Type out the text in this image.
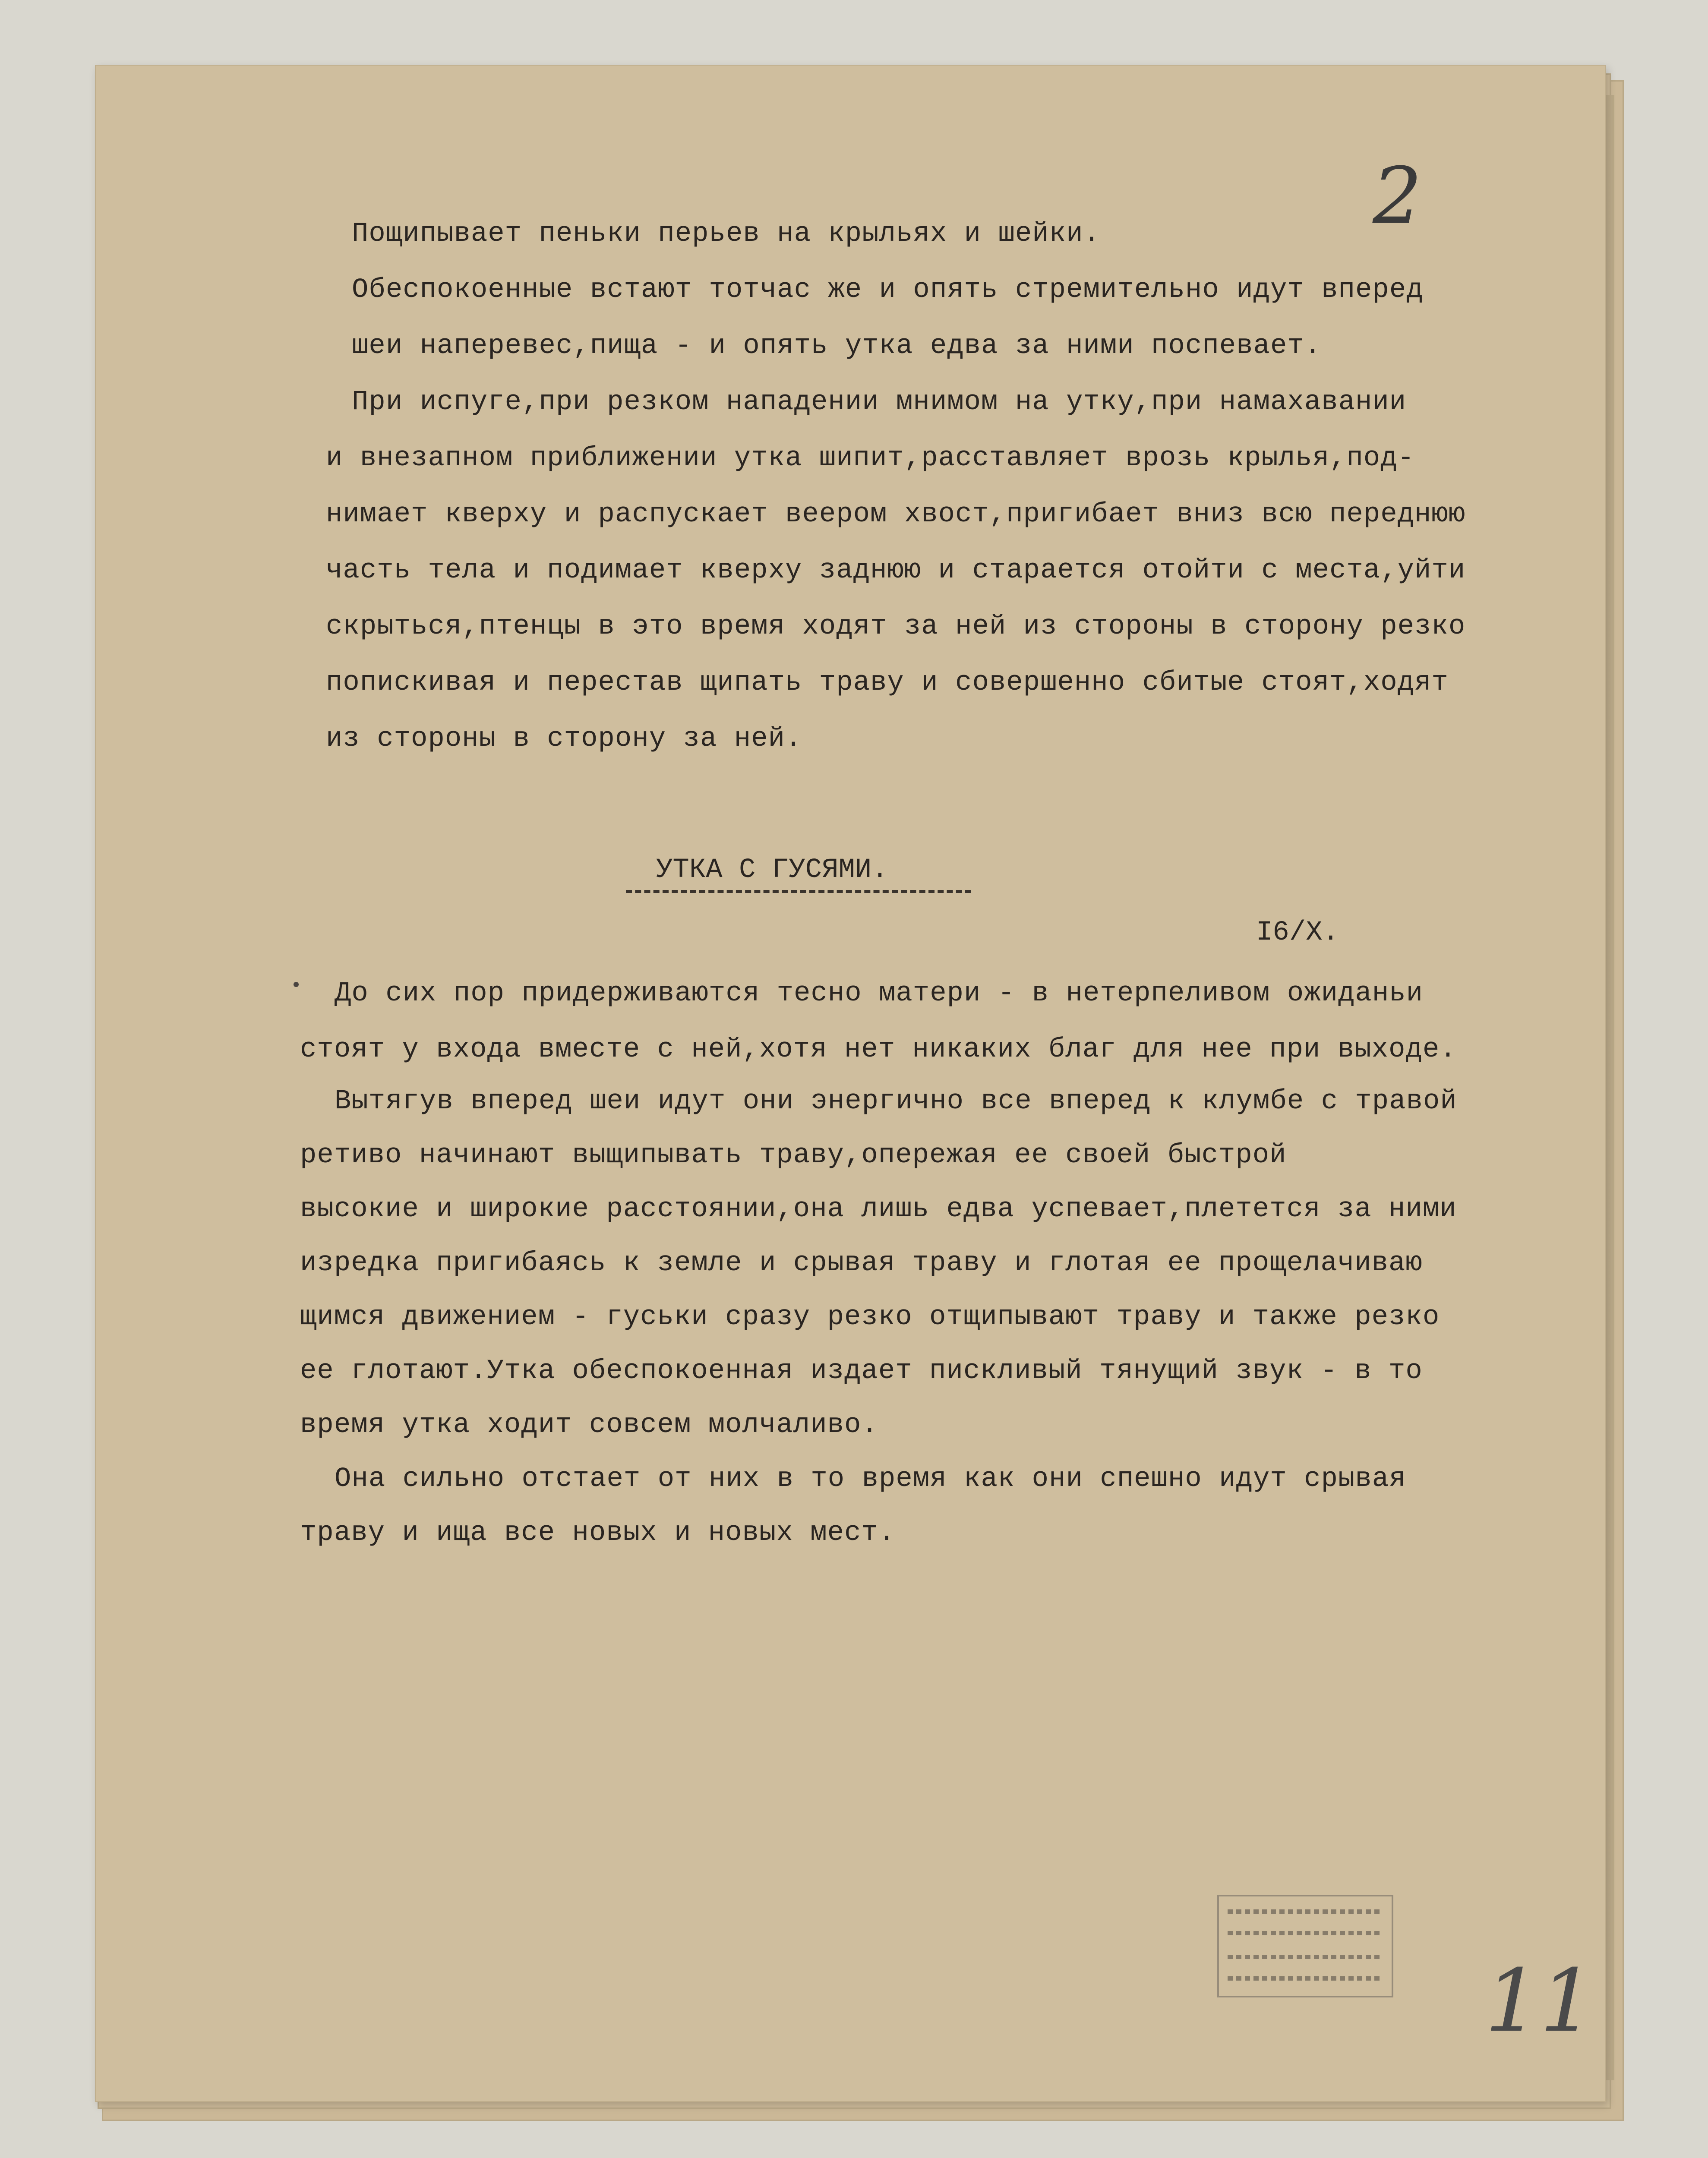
2
Пощипывает пеньки перьев на крыльях и шейки.
Обеспокоенные встают тотчас же и опять стремительно идут вперед
шеи наперевес,пища - и опять утка едва за ними поспевает.
При испуге,при резком нападении мнимом на утку,при намахавании
и внезапном приближении утка шипит,расставляет врозь крылья,под-
нимает кверху и распускает веером хвост,пригибает вниз всю переднюю
часть тела и подимает кверху заднюю и старается отойти с места,уйти
скрыться,птенцы в это время ходят за ней из стороны в сторону резко
попискивая и перестав щипать траву и совершенно сбитые стоят,ходят
из стороны в сторону за ней.
УТКА С ГУСЯМИ.
I6/X.
До сих пор придерживаются тесно матери - в нетерпеливом ожиданьи
стоят у входа вместе с ней,хотя нет никаких благ для нее при выходе.
Вытягув вперед шеи идут они энергично все вперед к клумбе с травой
ретиво начинают выщипывать траву,опережая ее своей быстрой
высокие и широкие расстоянии,она лишь едва успевает,плетется за ними
изредка пригибаясь к земле и срывая траву и глотая ее прощелачиваю
щимся движением - гуськи сразу резко отщипывают траву и также резко
ее глотают.Утка обеспокоенная издает пискливый тянущий звук - в то
время утка ходит совсем молчаливо.
Она сильно отстает от них в то время как они спешно идут срывая
траву и ища все новых и новых мест.
11
